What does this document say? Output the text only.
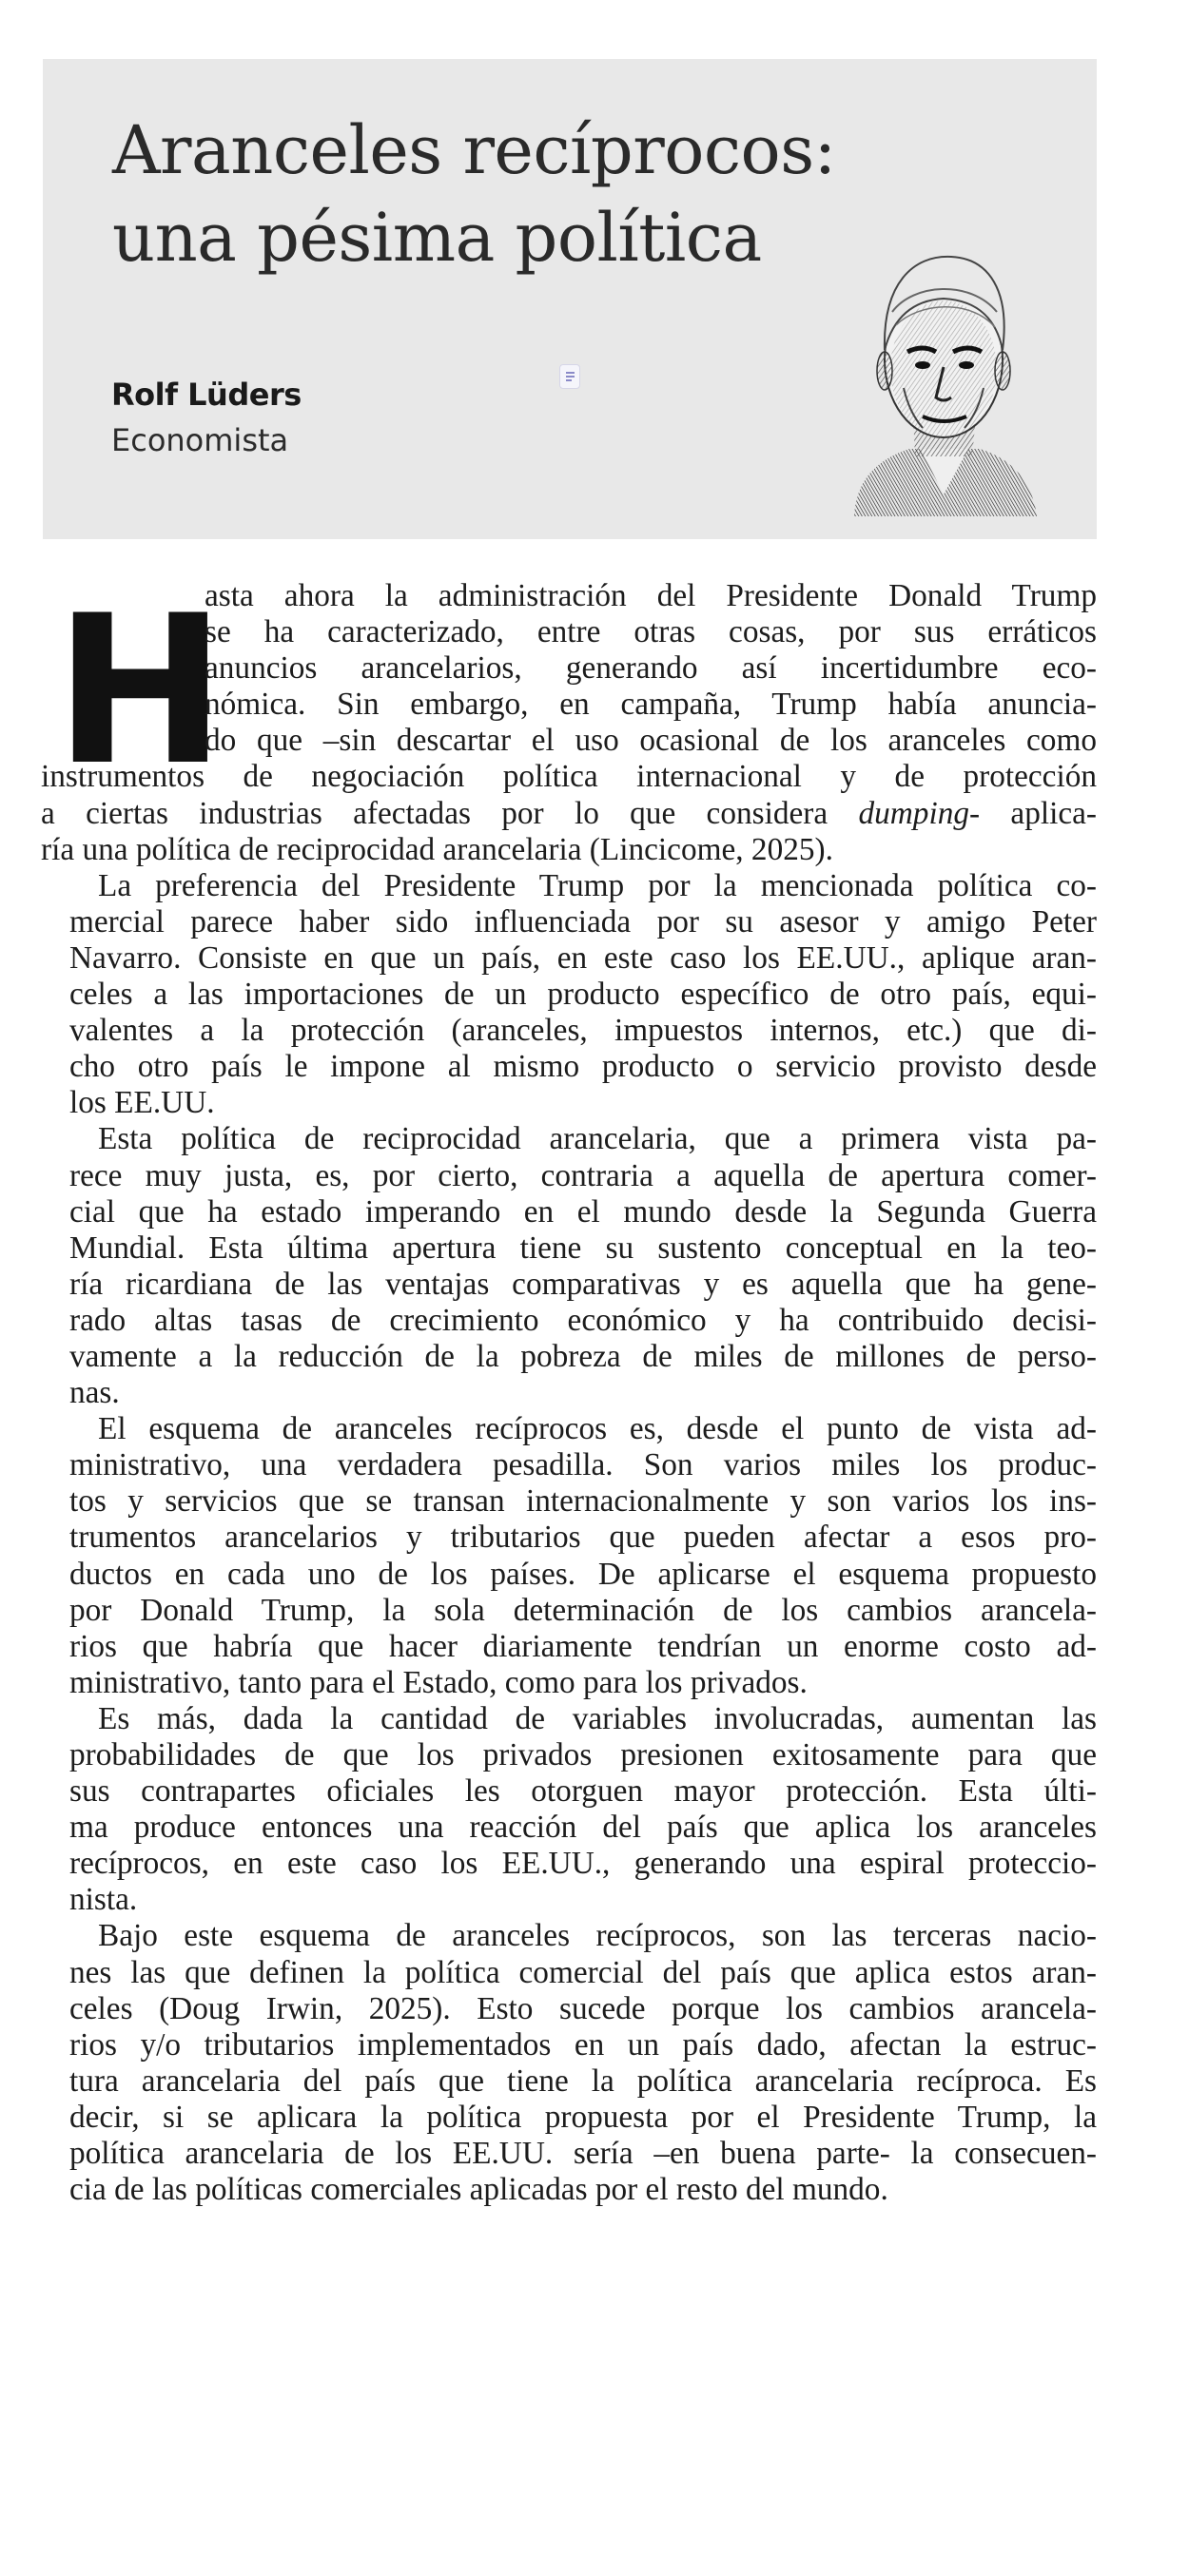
Aranceles recíprocos:
una pésima política
Rolf Lüders
Economista
H

asta ahora la administración del Presidente Donald Trump
se ha caracterizado, entre otras cosas, por sus erráticos
anuncios arancelarios, generando así incertidumbre eco-
nómica. Sin embargo, en campaña, Trump había anuncia-
do que –sin descartar el uso ocasional de los aranceles como
instrumentos de negociación política internacional y de protección
a ciertas industrias afectadas por lo que considera dumping- aplica-
ría una política de reciprocidad arancelaria (Lincicome, 2025).

La preferencia del Presidente Trump por la mencionada política co-
mercial parece haber sido influenciada por su asesor y amigo Peter
Navarro. Consiste en que un país, en este caso los EE.UU., aplique aran-
celes a las importaciones de un producto específico de otro país, equi-
valentes a la protección (aranceles, impuestos internos, etc.) que di-
cho otro país le impone al mismo producto o servicio provisto desde
los EE.UU.

Esta política de reciprocidad arancelaria, que a primera vista pa-
rece muy justa, es, por cierto, contraria a aquella de apertura comer-
cial que ha estado imperando en el mundo desde la Segunda Guerra
Mundial. Esta última apertura tiene su sustento conceptual en la teo-
ría ricardiana de las ventajas comparativas y es aquella que ha gene-
rado altas tasas de crecimiento económico y ha contribuido decisi-
vamente a la reducción de la pobreza de miles de millones de perso-
nas.

El esquema de aranceles recíprocos es, desde el punto de vista ad-
ministrativo, una verdadera pesadilla. Son varios miles los produc-
tos y servicios que se transan internacionalmente y son varios los ins-
trumentos arancelarios y tributarios que pueden afectar a esos pro-
ductos en cada uno de los países. De aplicarse el esquema propuesto
por Donald Trump, la sola determinación de los cambios arancela-
rios que habría que hacer diariamente tendrían un enorme costo ad-
ministrativo, tanto para el Estado, como para los privados.

Es más, dada la cantidad de variables involucradas, aumentan las
probabilidades de que los privados presionen exitosamente para que
sus contrapartes oficiales les otorguen mayor protección. Esta últi-
ma produce entonces una reacción del país que aplica los aranceles
recíprocos, en este caso los EE.UU., generando una espiral proteccio-
nista.

Bajo este esquema de aranceles recíprocos, son las terceras nacio-
nes las que definen la política comercial del país que aplica estos aran-
celes (Doug Irwin, 2025). Esto sucede porque los cambios arancela-
rios y/o tributarios implementados en un país dado, afectan la estruc-
tura arancelaria del país que tiene la política arancelaria recíproca. Es
decir, si se aplicara la política propuesta por el Presidente Trump, la
política arancelaria de los EE.UU. sería –en buena parte- la consecuen-
cia de las políticas comerciales aplicadas por el resto del mundo.
